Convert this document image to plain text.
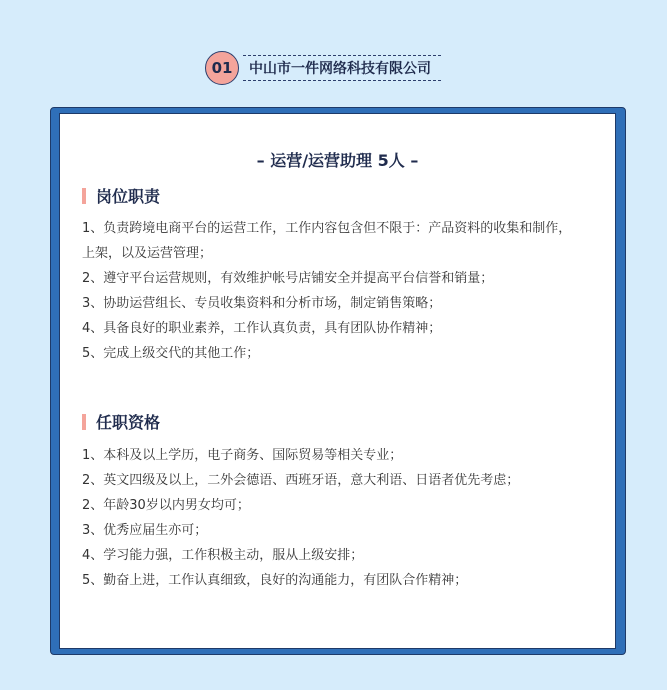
01	中山市一件网络科技有限公司
– 运营/运营助理 5人 –
岗位职责
1、负责跨境电商平台的运营工作，工作内容包含但不限于：产品资料的收集和制作，上架，以及运营管理；
2、遵守平台运营规则，有效维护帐号店铺安全并提高平台信誉和销量；
3、协助运营组长、专员收集资料和分析市场，制定销售策略；
4、具备良好的职业素养，工作认真负责，具有团队协作精神；
5、完成上级交代的其他工作；
任职资格
1、本科及以上学历，电子商务、国际贸易等相关专业；
2、英文四级及以上，二外会德语、西班牙语，意大利语、日语者优先考虑；
2、年龄30岁以内男女均可；
3、优秀应届生亦可；
4、学习能力强，工作积极主动，服从上级安排；
5、勤奋上进，工作认真细致，良好的沟通能力，有团队合作精神；
